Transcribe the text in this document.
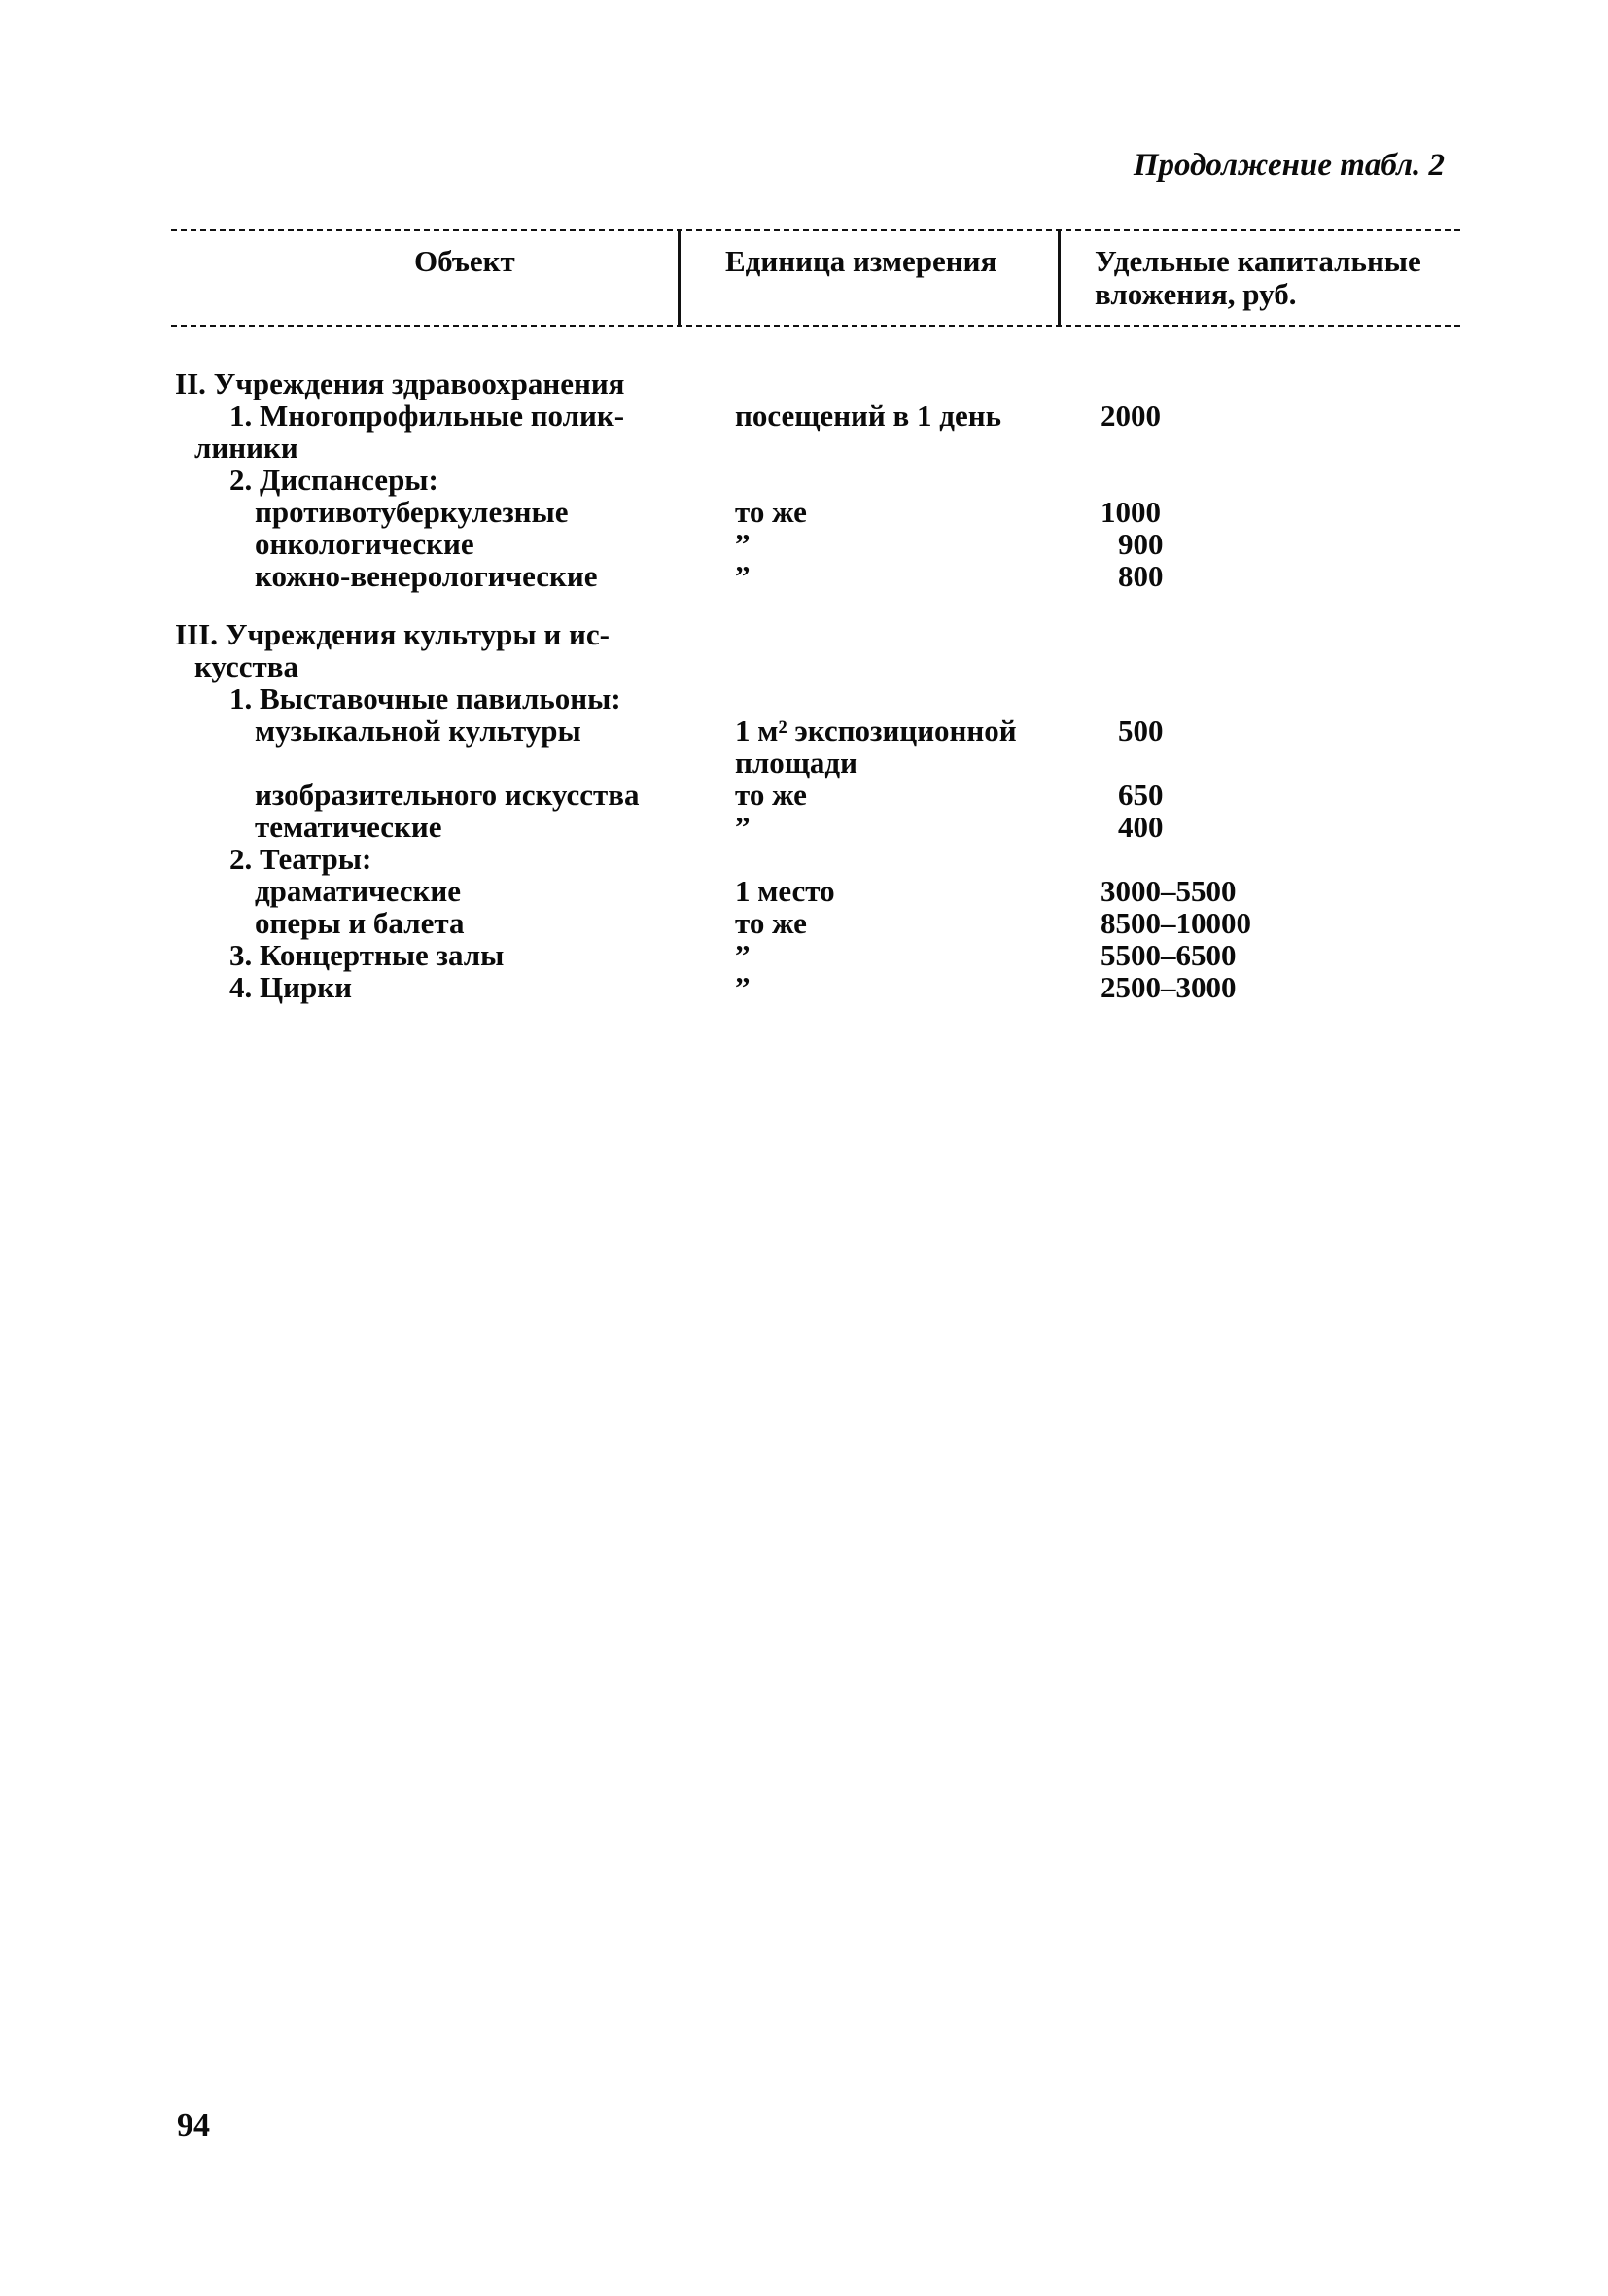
Продолжение табл. 2
Объект	Единица измерения	Удельные капитальные
вложения, руб.
II. Учреждения здравоохранения
1. Многопрофильные полик-	посещений в 1 день	2000
линики
2. Диспансеры:
противотуберкулезные	то же	1000
онкологические	”	900
кожно-венерологические	”	800
III. Учреждения культуры и ис-
кусства
1. Выставочные павильоны:
музыкальной культуры	1 м² экспозиционной	500
площади
изобразительного искусства	то же	650
тематические	”	400
2. Театры:
драматические	1 место	3000–5500
оперы и балета	то же	8500–10000
3. Концертные залы	”	5500–6500
4. Цирки	”	2500–3000
94
